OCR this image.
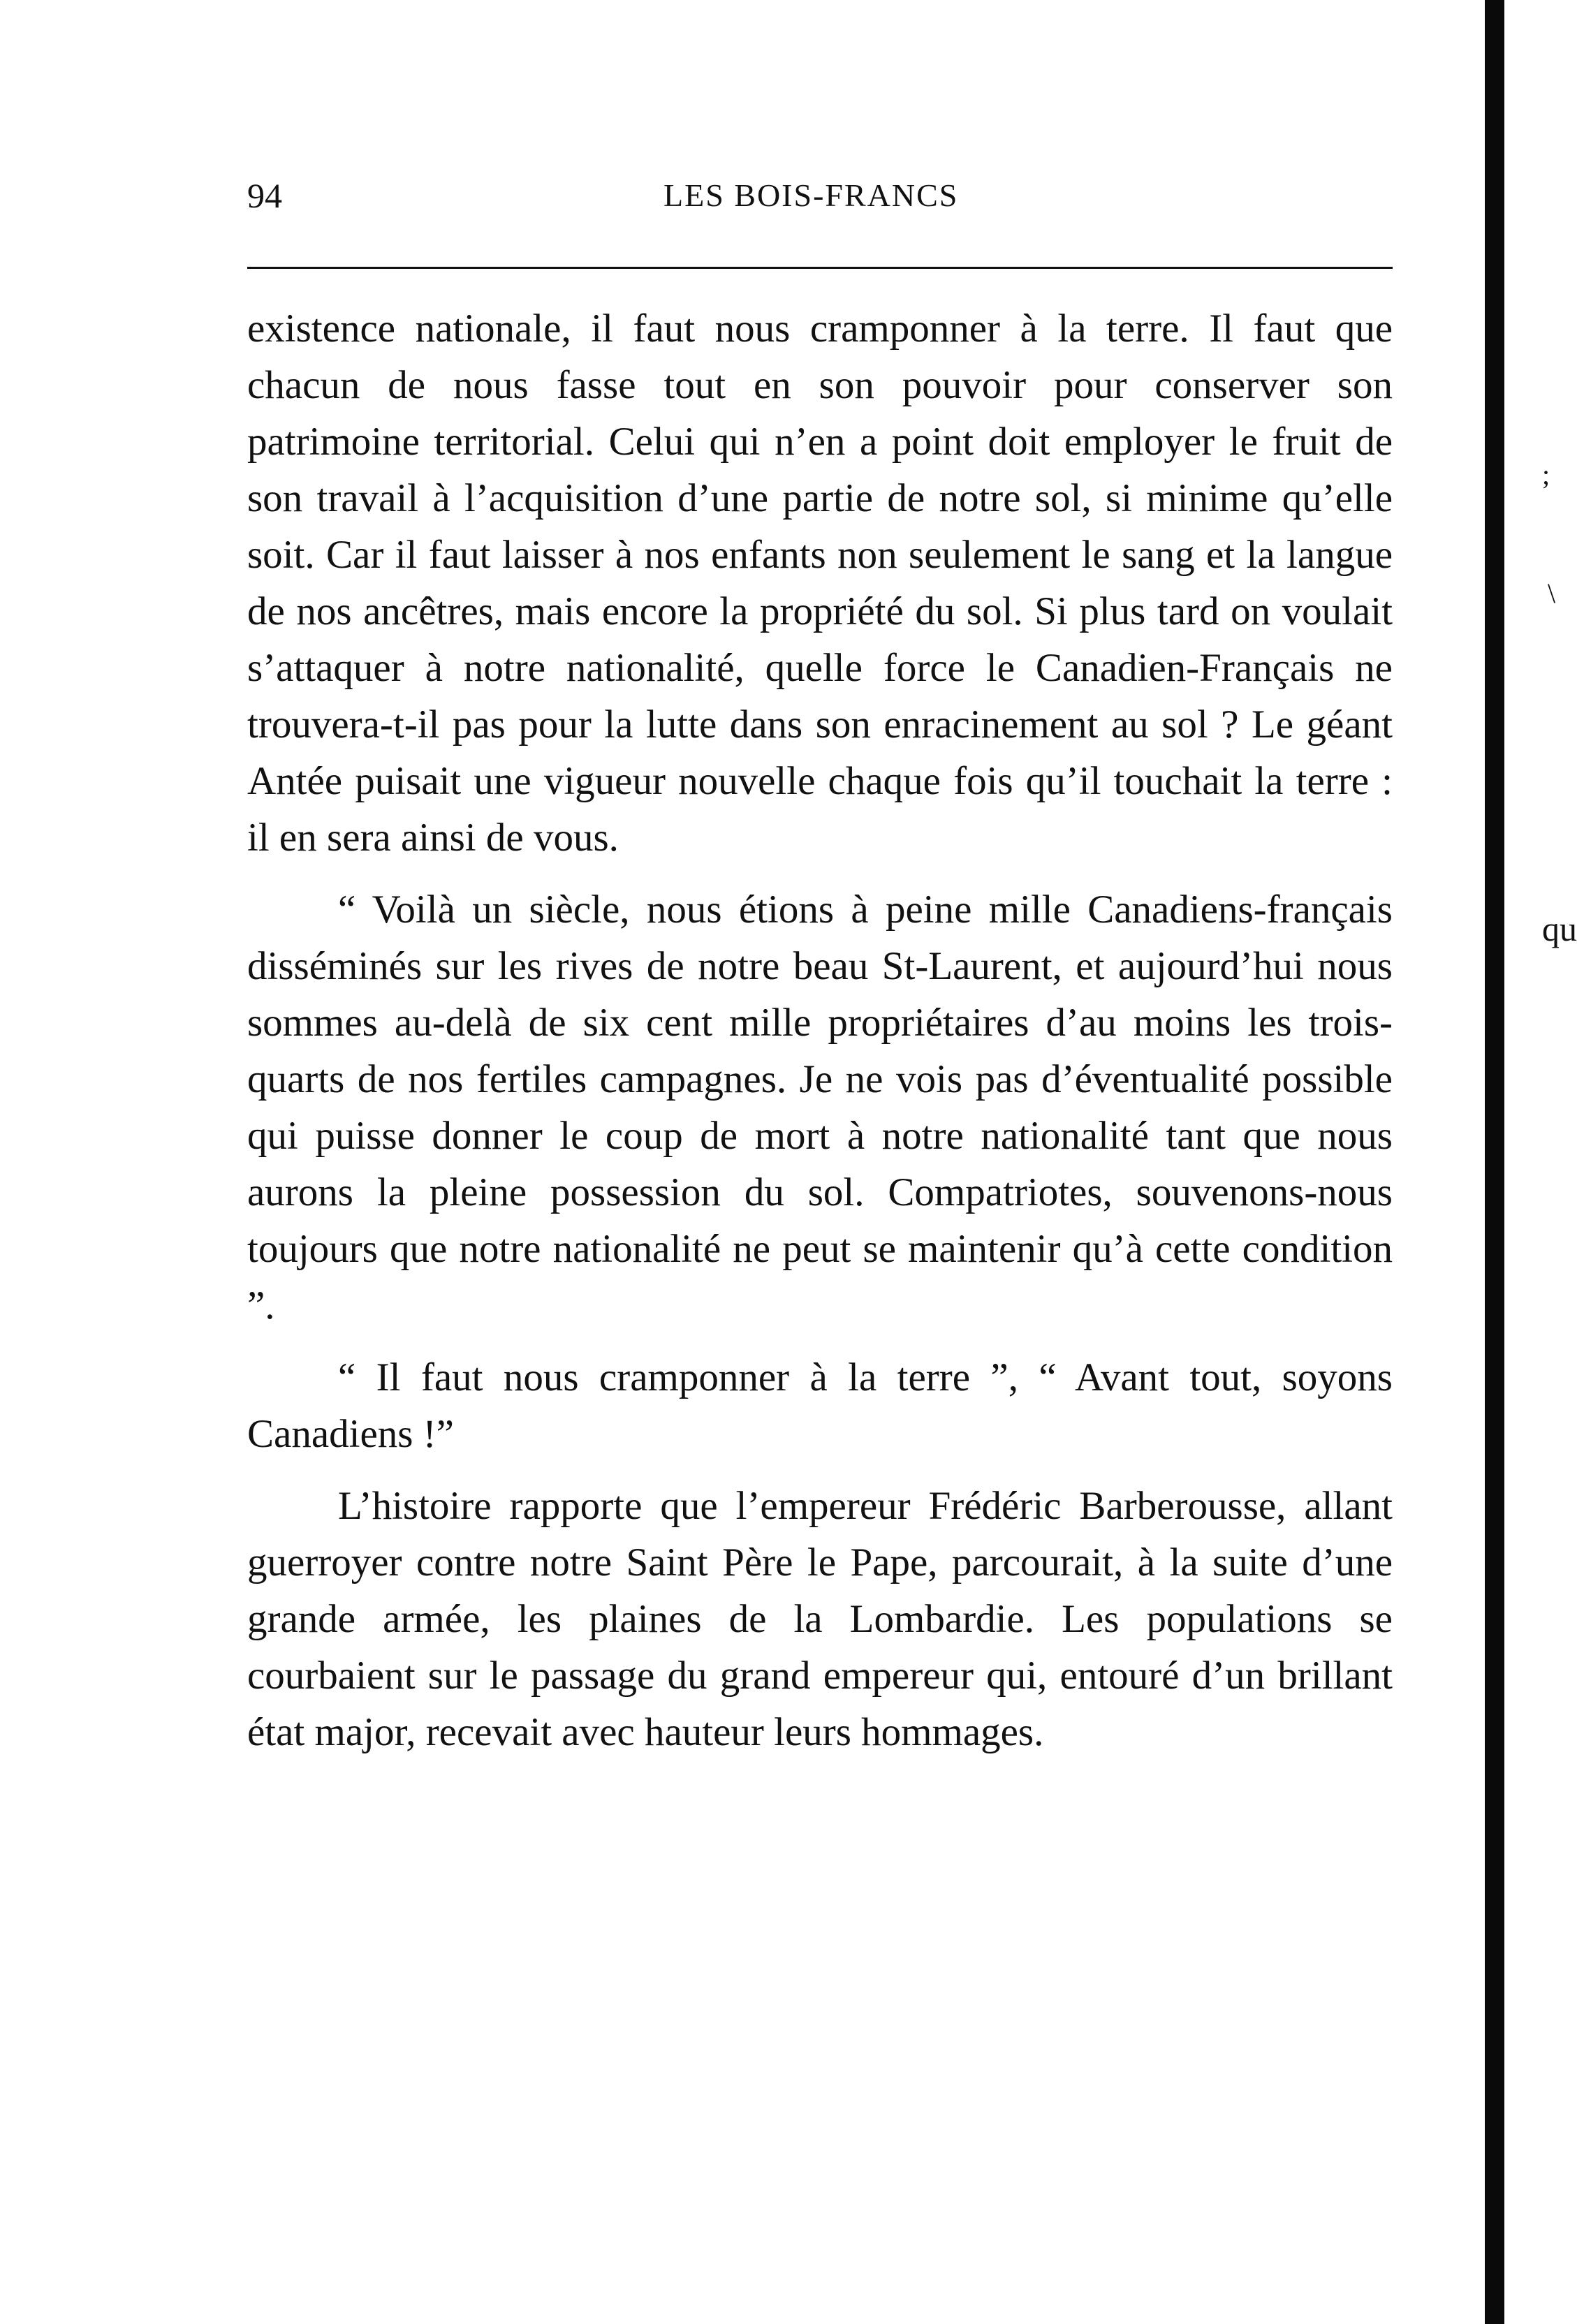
94	LES BOIS-FRANCS

existence nationale, il faut nous cramponner à la terre. Il faut que chacun de nous fasse tout en son pouvoir pour conserver son patrimoine territorial. Celui qui n’en a point doit employer le fruit de son travail à l’acquisition d’une partie de notre sol, si minime qu’elle soit. Car il faut laisser à nos enfants non seulement le sang et la langue de nos ancêtres, mais encore la propriété du sol. Si plus tard on voulait s’attaquer à notre nationalité, quelle force le Canadien-Français ne trouvera-t-il pas pour la lutte dans son enracinement au sol ? Le géant Antée puisait une vigueur nouvelle chaque fois qu’il touchait la terre : il en sera ainsi de vous.

“ Voilà un siècle, nous étions à peine mille Canadiens-français disséminés sur les rives de notre beau St-Laurent, et aujourd’hui nous sommes au-delà de six cent mille propriétaires d’au moins les trois-quarts de nos fertiles campagnes. Je ne vois pas d’éventualité possible qui puisse donner le coup de mort à notre nationalité tant que nous aurons la pleine possession du sol. Compatriotes, souvenons-nous toujours que notre nationalité ne peut se maintenir qu’à cette condition ”.

“ Il faut nous cramponner à la terre ”, “ Avant tout, soyons Canadiens !”

L’histoire rapporte que l’empereur Frédéric Barberousse, allant guerroyer contre notre Saint Père le Pape, parcourait, à la suite d’une grande armée, les plaines de la Lombardie. Les populations se courbaient sur le passage du grand empereur qui, entouré d’un brillant état major, recevait avec hauteur leurs hommages.

;
\
qu
